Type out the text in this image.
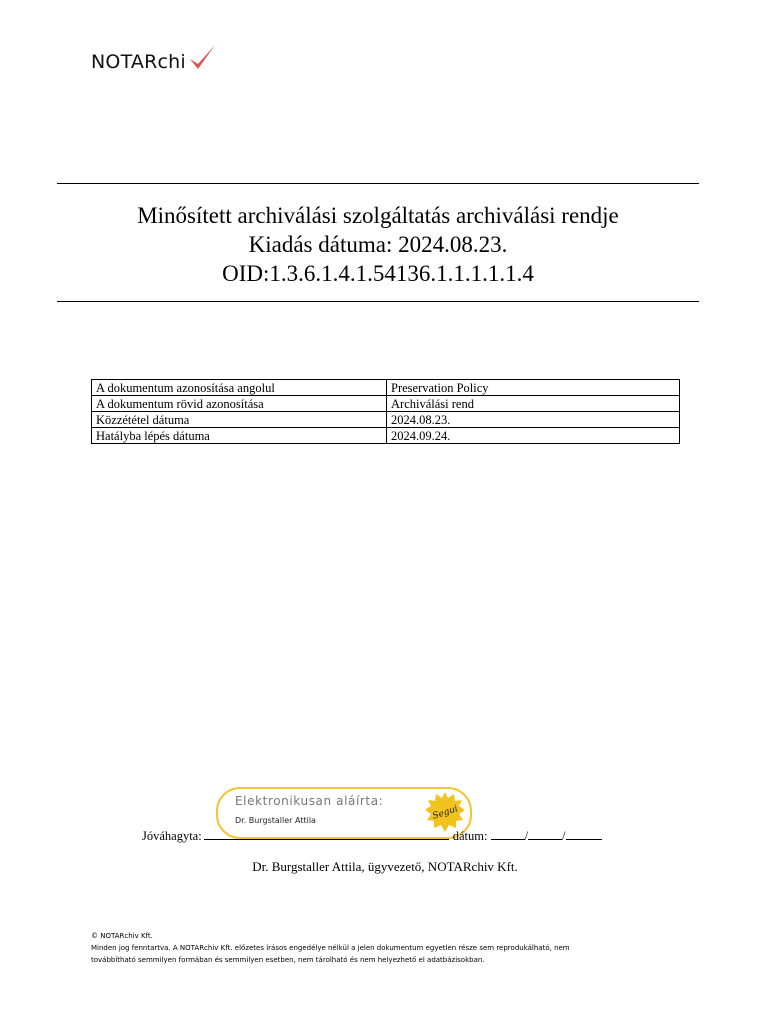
NOTARchi
Minősített archiválási szolgáltatás archiválási rendje
Kiadás dátuma: 2024.08.23.
OID:1.3.6.1.4.1.54136.1.1.1.1.1.4
A dokumentum azonosítása angolul	Preservation Policy
A dokumentum rövid azonosítása	Archiválási rend
Közzététel dátuma	2024.08.23.
Hatályba lépés dátuma	2024.09.24.
Elektronikusan aláírta:
Dr. Burgstaller Attila	Segui
Jóváhagyta:	dátum:	/	/
Dr. Burgstaller Attila, ügyvezető, NOTARchiv Kft.
© NOTARchiv Kft.
Minden jog fenntartva. A NOTARchiv Kft. előzetes írásos engedélye nélkül a jelen dokumentum egyetlen része sem reprodukálható, nem
továbbítható semmilyen formában és semmilyen esetben, nem tárolható és nem helyezhető el adatbázisokban.
